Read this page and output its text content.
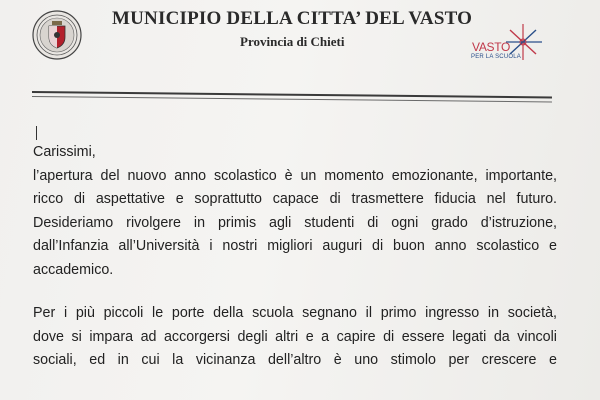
MUNICIPIO DELLA CITTA’ DEL VASTO
Provincia di Chieti	VASTO
PER LA SCUOLA

Carissimi,

l’apertura del nuovo anno scolastico è un momento emozionante, importante,
ricco di aspettative e soprattutto capace di trasmettere fiducia nel futuro.

Desideriamo rivolgere in primis agli studenti di ogni grado d’istruzione,
dall’Infanzia all’Università i nostri migliori auguri di buon anno scolastico e
accademico.

Per i più piccoli le porte della scuola segnano il primo ingresso in società,
dove si impara ad accorgersi degli altri e a capire di essere legati da vincoli
sociali, ed in cui la vicinanza dell’altro è uno stimolo per crescere e
